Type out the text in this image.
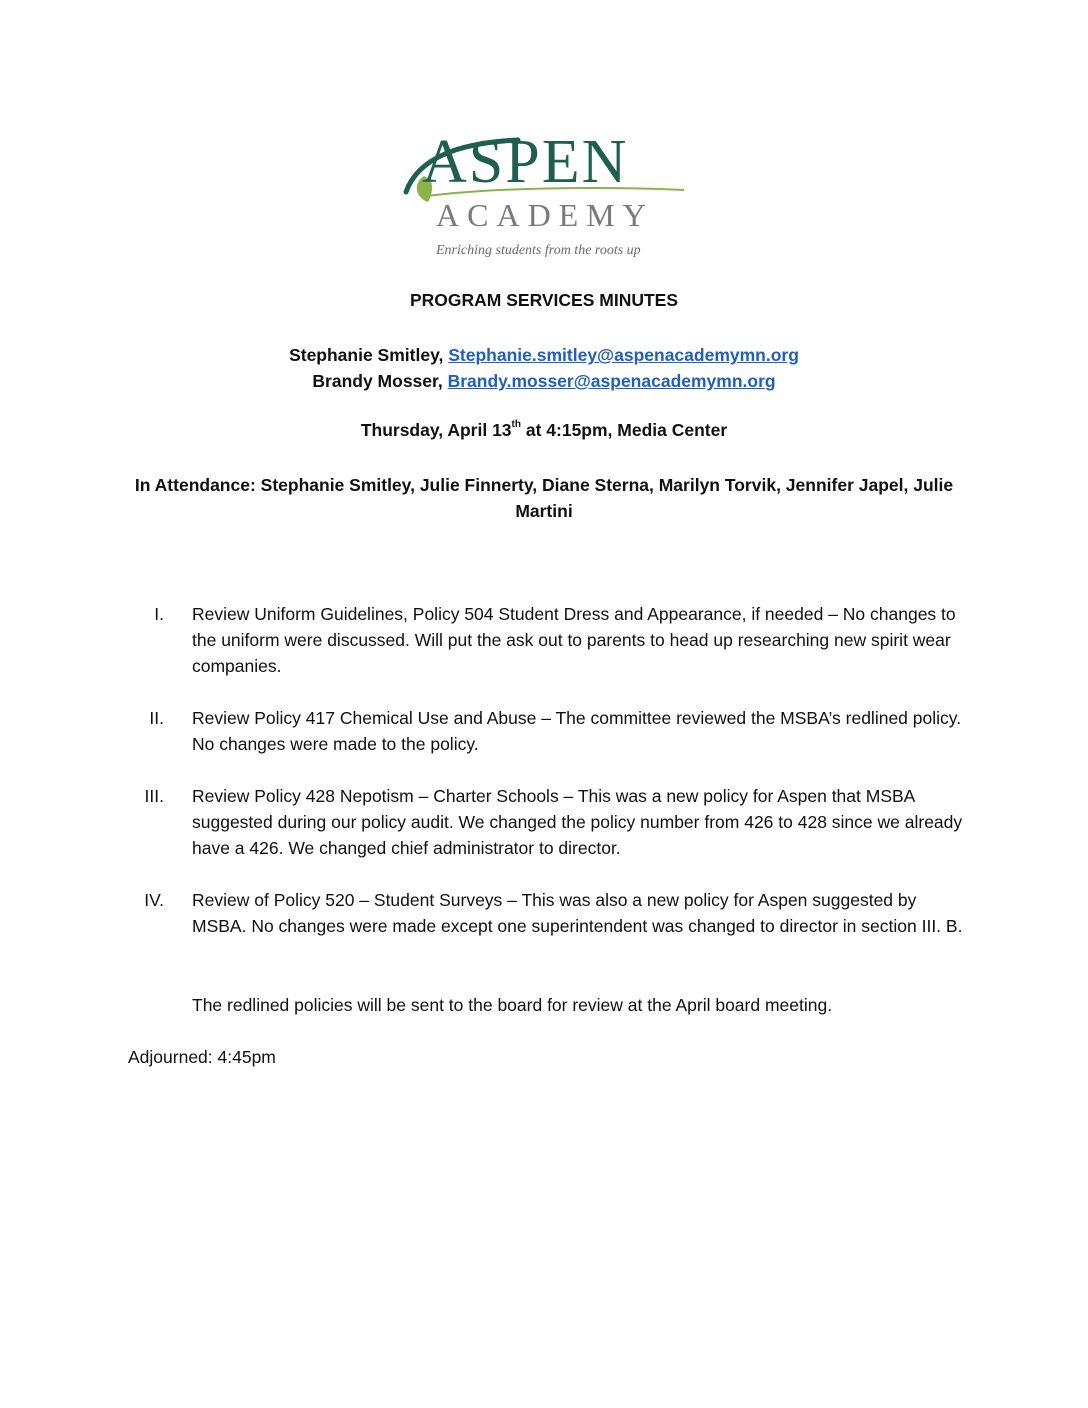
ASPEN
ACADEMY
Enriching students from the roots up
PROGRAM SERVICES MINUTES
Stephanie Smitley, Stephanie.smitley@aspenacademymn.org
Brandy Mosser, Brandy.mosser@aspenacademymn.org
Thursday, April 13th at 4:15pm, Media Center
In Attendance: Stephanie Smitley, Julie Finnerty, Diane Sterna, Marilyn Torvik, Jennifer Japel, Julie Martini
I. Review Uniform Guidelines, Policy 504 Student Dress and Appearance, if needed – No changes to the uniform were discussed. Will put the ask out to parents to head up researching new spirit wear companies.
II. Review Policy 417 Chemical Use and Abuse – The committee reviewed the MSBA’s redlined policy. No changes were made to the policy.
III. Review Policy 428 Nepotism – Charter Schools – This was a new policy for Aspen that MSBA suggested during our policy audit. We changed the policy number from 426 to 428 since we already have a 426. We changed chief administrator to director.
IV. Review of Policy 520 – Student Surveys – This was also a new policy for Aspen suggested by MSBA. No changes were made except one superintendent was changed to director in section III. B.
The redlined policies will be sent to the board for review at the April board meeting.
Adjourned: 4:45pm
